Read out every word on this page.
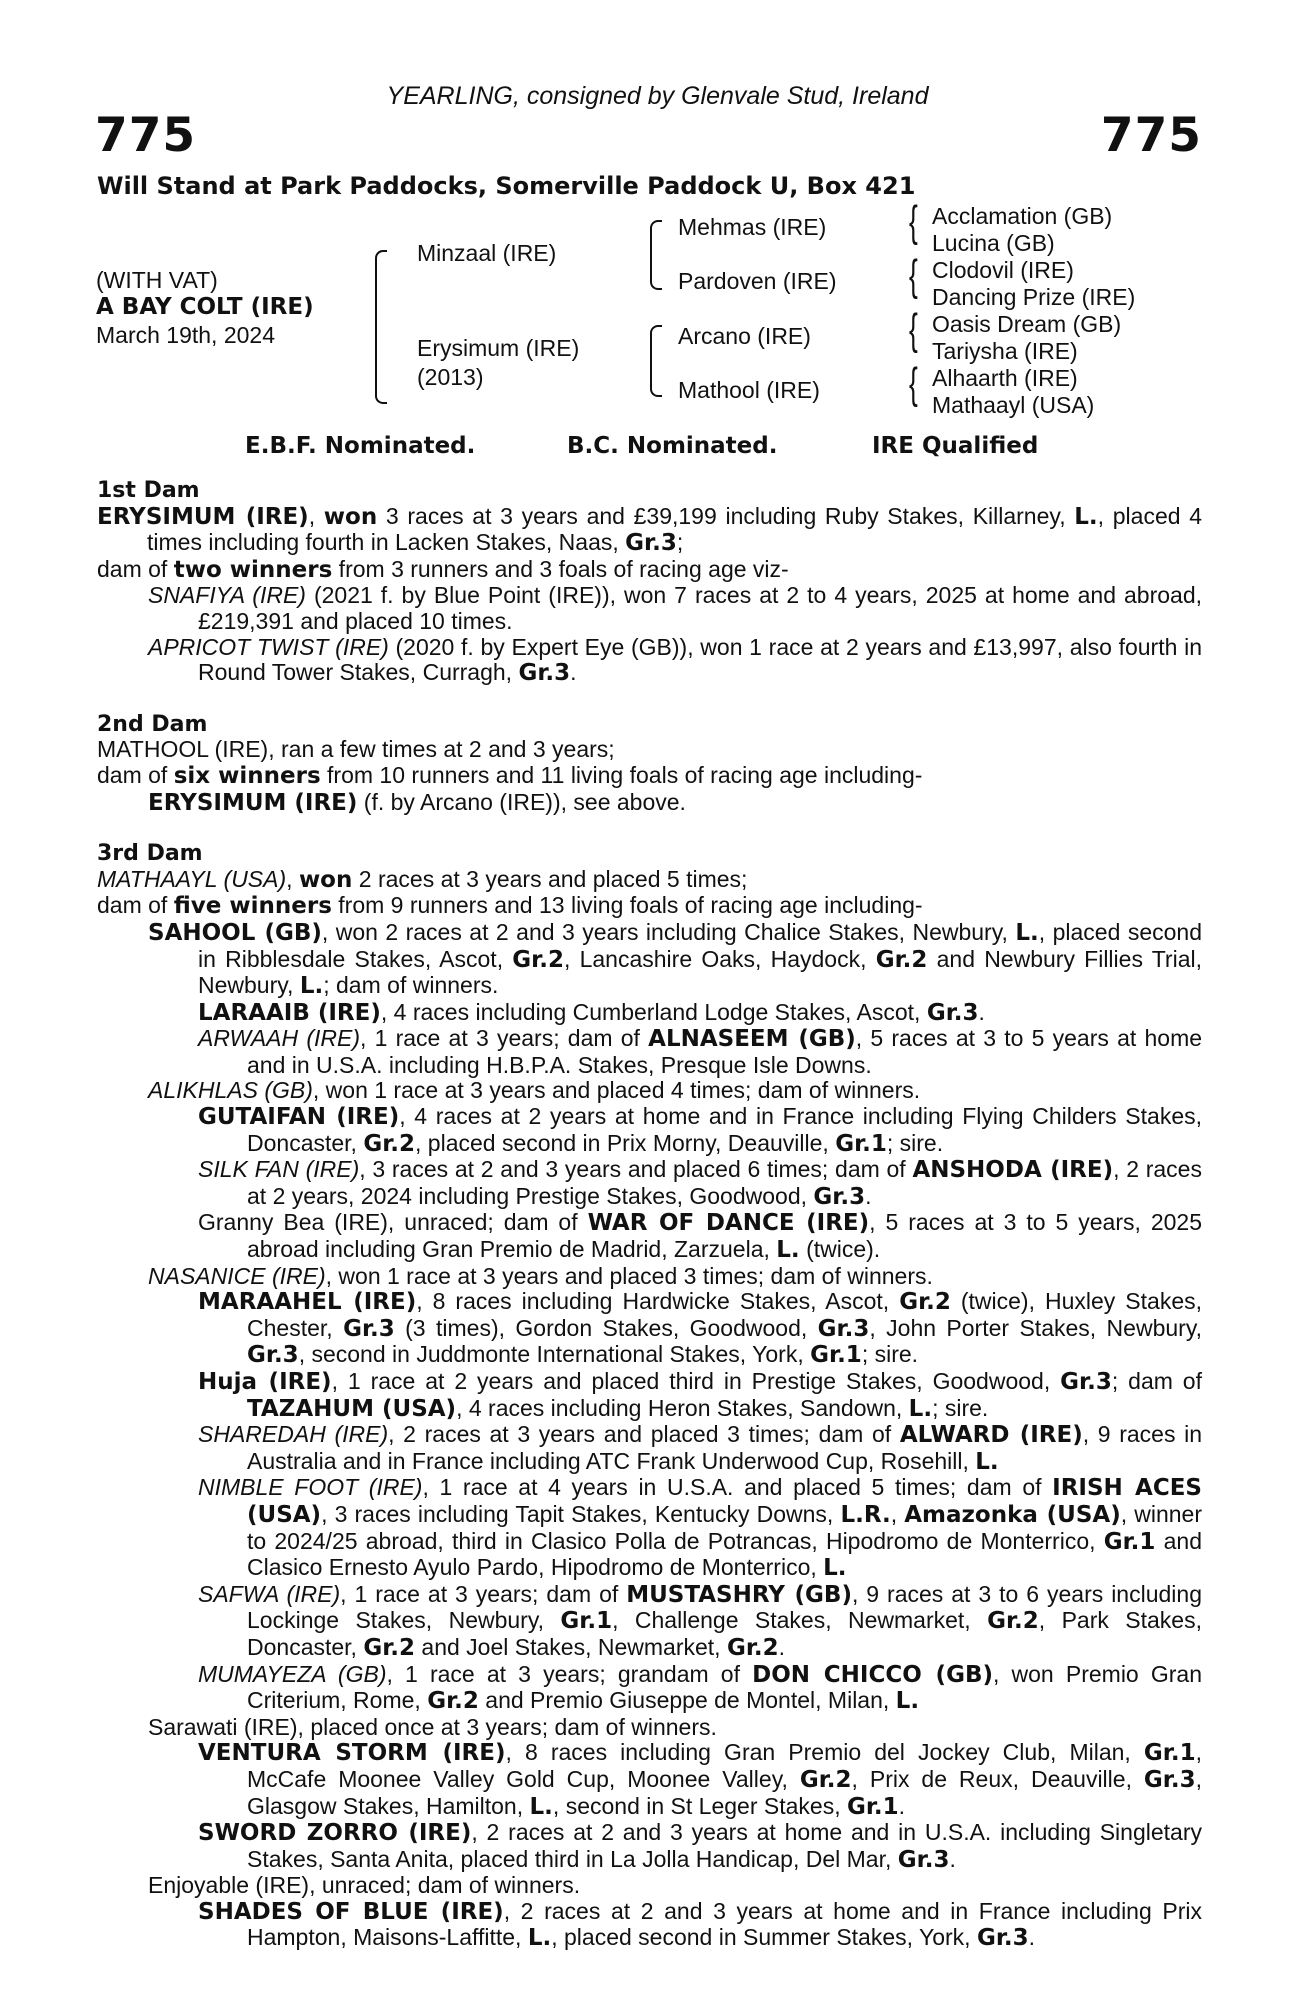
YEARLING, consigned by Glenvale Stud, Ireland
775	775
Will Stand at Park Paddocks, Somerville Paddock U, Box 421
(WITH VAT)
A BAY COLT (IRE)
March 19th, 2024
Minzaal (IRE)
Erysimum (IRE)
(2013)
Mehmas (IRE)
Pardoven (IRE)
Arcano (IRE)
Mathool (IRE)
{
{
{
{
Acclamation (GB)
Lucina (GB)
Clodovil (IRE)
Dancing Prize (IRE)
Oasis Dream (GB)
Tariysha (IRE)
Alhaarth (IRE)
Mathaayl (USA)
E.B.F. Nominated.	B.C. Nominated.	IRE Qualified
1st Dam
ERYSIMUM (IRE), won 3 races at 3 years and £39,199 including Ruby Stakes, Killarney, L., placed 4 times including fourth in Lacken Stakes, Naas, Gr.3;
dam of two winners from 3 runners and 3 foals of racing age viz-
SNAFIYA (IRE) (2021 f. by Blue Point (IRE)), won 7 races at 2 to 4 years, 2025 at home and abroad, £219,391 and placed 10 times.
APRICOT TWIST (IRE) (2020 f. by Expert Eye (GB)), won 1 race at 2 years and £13,997, also fourth in Round Tower Stakes, Curragh, Gr.3.
2nd Dam
MATHOOL (IRE), ran a few times at 2 and 3 years;
dam of six winners from 10 runners and 11 living foals of racing age including-
ERYSIMUM (IRE) (f. by Arcano (IRE)), see above.
3rd Dam
MATHAAYL (USA), won 2 races at 3 years and placed 5 times;
dam of five winners from 9 runners and 13 living foals of racing age including-
SAHOOL (GB), won 2 races at 2 and 3 years including Chalice Stakes, Newbury, L., placed second in Ribblesdale Stakes, Ascot, Gr.2, Lancashire Oaks, Haydock, Gr.2 and Newbury Fillies Trial, Newbury, L.; dam of winners.
LARAAIB (IRE), 4 races including Cumberland Lodge Stakes, Ascot, Gr.3.
ARWAAH (IRE), 1 race at 3 years; dam of ALNASEEM (GB), 5 races at 3 to 5 years at home and in U.S.A. including H.B.P.A. Stakes, Presque Isle Downs.
ALIKHLAS (GB), won 1 race at 3 years and placed 4 times; dam of winners.
GUTAIFAN (IRE), 4 races at 2 years at home and in France including Flying Childers Stakes, Doncaster, Gr.2, placed second in Prix Morny, Deauville, Gr.1; sire.
SILK FAN (IRE), 3 races at 2 and 3 years and placed 6 times; dam of ANSHODA (IRE), 2 races at 2 years, 2024 including Prestige Stakes, Goodwood, Gr.3.
Granny Bea (IRE), unraced; dam of WAR OF DANCE (IRE), 5 races at 3 to 5 years, 2025 abroad including Gran Premio de Madrid, Zarzuela, L. (twice).
NASANICE (IRE), won 1 race at 3 years and placed 3 times; dam of winners.
MARAAHEL (IRE), 8 races including Hardwicke Stakes, Ascot, Gr.2 (twice), Huxley Stakes, Chester, Gr.3 (3 times), Gordon Stakes, Goodwood, Gr.3, John Porter Stakes, Newbury, Gr.3, second in Juddmonte International Stakes, York, Gr.1; sire.
Huja (IRE), 1 race at 2 years and placed third in Prestige Stakes, Goodwood, Gr.3; dam of TAZAHUM (USA), 4 races including Heron Stakes, Sandown, L.; sire.
SHAREDAH (IRE), 2 races at 3 years and placed 3 times; dam of ALWARD (IRE), 9 races in Australia and in France including ATC Frank Underwood Cup, Rosehill, L.
NIMBLE FOOT (IRE), 1 race at 4 years in U.S.A. and placed 5 times; dam of IRISH ACES (USA), 3 races including Tapit Stakes, Kentucky Downs, L.R., Amazonka (USA), winner to 2024/25 abroad, third in Clasico Polla de Potrancas, Hipodromo de Monterrico, Gr.1 and Clasico Ernesto Ayulo Pardo, Hipodromo de Monterrico, L.
SAFWA (IRE), 1 race at 3 years; dam of MUSTASHRY (GB), 9 races at 3 to 6 years including Lockinge Stakes, Newbury, Gr.1, Challenge Stakes, Newmarket, Gr.2, Park Stakes, Doncaster, Gr.2 and Joel Stakes, Newmarket, Gr.2.
MUMAYEZA (GB), 1 race at 3 years; grandam of DON CHICCO (GB), won Premio Gran Criterium, Rome, Gr.2 and Premio Giuseppe de Montel, Milan, L.
Sarawati (IRE), placed once at 3 years; dam of winners.
VENTURA STORM (IRE), 8 races including Gran Premio del Jockey Club, Milan, Gr.1, McCafe Moonee Valley Gold Cup, Moonee Valley, Gr.2, Prix de Reux, Deauville, Gr.3, Glasgow Stakes, Hamilton, L., second in St Leger Stakes, Gr.1.
SWORD ZORRO (IRE), 2 races at 2 and 3 years at home and in U.S.A. including Singletary Stakes, Santa Anita, placed third in La Jolla Handicap, Del Mar, Gr.3.
Enjoyable (IRE), unraced; dam of winners.
SHADES OF BLUE (IRE), 2 races at 2 and 3 years at home and in France including Prix Hampton, Maisons-Laffitte, L., placed second in Summer Stakes, York, Gr.3.
